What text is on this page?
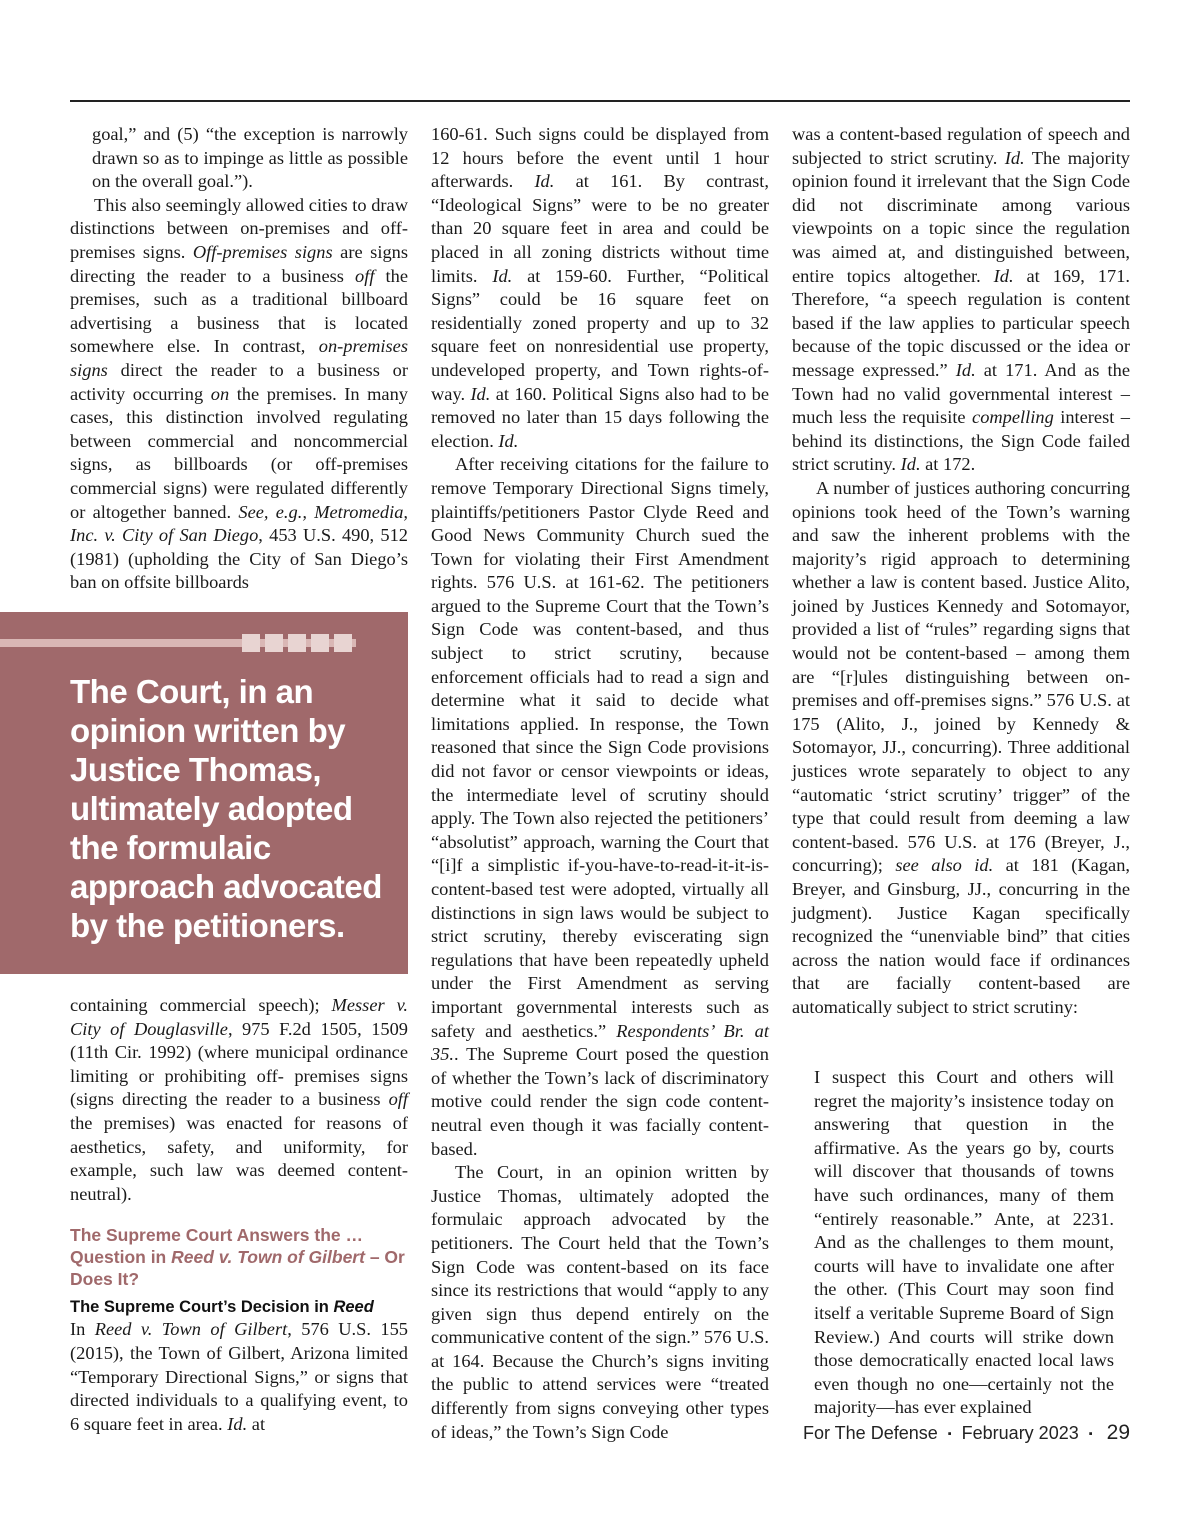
goal,” and (5) “the exception is narrowly drawn so as to impinge as little as possible on the overall goal.”).

This also seemingly allowed cities to draw distinctions between on-premises and off- premises signs. Off-premises signs are signs directing the reader to a business off the premises, such as a traditional billboard advertising a business that is located somewhere else. In contrast, on-premises signs direct the reader to a business or activity occurring on the premises. In many cases, this distinction involved regulating between commercial and noncommercial signs, as billboards (or off-premises commercial signs) were regulated differently or altogether banned. See, e.g., Metromedia, Inc. v. City of San Diego, 453 U.S. 490, 512 (1981) (upholding the City of San Diego’s ban on offsite billboards

The Court, in an opinion written by Justice Thomas, ultimately adopted the formulaic approach advocated by the petitioners.

containing commercial speech); Messer v. City of Douglasville, 975 F.2d 1505, 1509 (11th Cir. 1992) (where municipal ordinance limiting or prohibiting off- premises signs (signs directing the reader to a business off the premises) was enacted for reasons of aesthetics, safety, and uniformity, for example, such law was deemed content-neutral).

The Supreme Court Answers the … Question in Reed v. Town of Gilbert – Or Does It?

The Supreme Court’s Decision in Reed

In Reed v. Town of Gilbert, 576 U.S. 155 (2015), the Town of Gilbert, Arizona limited “Temporary Directional Signs,” or signs that directed individuals to a qualifying event, to 6 square feet in area. Id. at

160-61. Such signs could be displayed from 12 hours before the event until 1 hour afterwards. Id. at 161. By contrast, “Ideological Signs” were to be no greater than 20 square feet in area and could be placed in all zoning districts without time limits. Id. at 159-60. Further, “Political Signs” could be 16 square feet on residentially zoned property and up to 32 square feet on nonresidential use property, undeveloped property, and Town rights-of-way. Id. at 160. Political Signs also had to be removed no later than 15 days following the election. Id.

After receiving citations for the failure to remove Temporary Directional Signs timely, plaintiffs/petitioners Pastor Clyde Reed and Good News Community Church sued the Town for violating their First Amendment rights. 576 U.S. at 161-62. The petitioners argued to the Supreme Court that the Town’s Sign Code was content-based, and thus subject to strict scrutiny, because enforcement officials had to read a sign and determine what it said to decide what limitations applied. In response, the Town reasoned that since the Sign Code provisions did not favor or censor viewpoints or ideas, the intermediate level of scrutiny should apply. The Town also rejected the petitioners’ “absolutist” approach, warning the Court that “[i]f a simplistic if-you-have-to-read-it-it-is-content-based test were adopted, virtually all distinctions in sign laws would be subject to strict scrutiny, thereby eviscerating sign regulations that have been repeatedly upheld under the First Amendment as serving important governmental interests such as safety and aesthetics.” Respondents’ Br. at 35.. The Supreme Court posed the question of whether the Town’s lack of discriminatory motive could render the sign code content-neutral even though it was facially content-based.

The Court, in an opinion written by Justice Thomas, ultimately adopted the formulaic approach advocated by the petitioners. The Court held that the Town’s Sign Code was content-based on its face since its restrictions that would “apply to any given sign thus depend entirely on the communicative content of the sign.” 576 U.S. at 164. Because the Church’s signs inviting the public to attend services were “treated differently from signs conveying other types of ideas,” the Town’s Sign Code

was a content-based regulation of speech and subjected to strict scrutiny. Id. The majority opinion found it irrelevant that the Sign Code did not discriminate among various viewpoints on a topic since the regulation was aimed at, and distinguished between, entire topics altogether. Id. at 169, 171. Therefore, “a speech regulation is content based if the law applies to particular speech because of the topic discussed or the idea or message expressed.” Id. at 171. And as the Town had no valid governmental interest – much less the requisite compelling interest – behind its distinctions, the Sign Code failed strict scrutiny. Id. at 172.

A number of justices authoring concurring opinions took heed of the Town’s warning and saw the inherent problems with the majority’s rigid approach to determining whether a law is content based. Justice Alito, joined by Justices Kennedy and Sotomayor, provided a list of “rules” regarding signs that would not be content-based – among them are “[r]ules distinguishing between on-premises and off-premises signs.” 576 U.S. at 175 (Alito, J., joined by Kennedy & Sotomayor, JJ., concurring). Three additional justices wrote separately to object to any “automatic ‘strict scrutiny’ trigger” of the type that could result from deeming a law content-based. 576 U.S. at 176 (Breyer, J., concurring); see also id. at 181 (Kagan, Breyer, and Ginsburg, JJ., concurring in the judgment). Justice Kagan specifically recognized the “unenviable bind” that cities across the nation would face if ordinances that are facially content-based are automatically subject to strict scrutiny:

I suspect this Court and others will regret the majority’s insistence today on answering that question in the affirmative. As the years go by, courts will discover that thousands of towns have such ordinances, many of them “entirely reasonable.” Ante, at 2231. And as the challenges to them mount, courts will have to invalidate one after the other. (This Court may soon find itself a veritable Supreme Board of Sign Review.) And courts will strike down those democratically enacted local laws even though no one—certainly not the majority—has ever explained
For The Defense ▪ February 2023 ▪ 29
